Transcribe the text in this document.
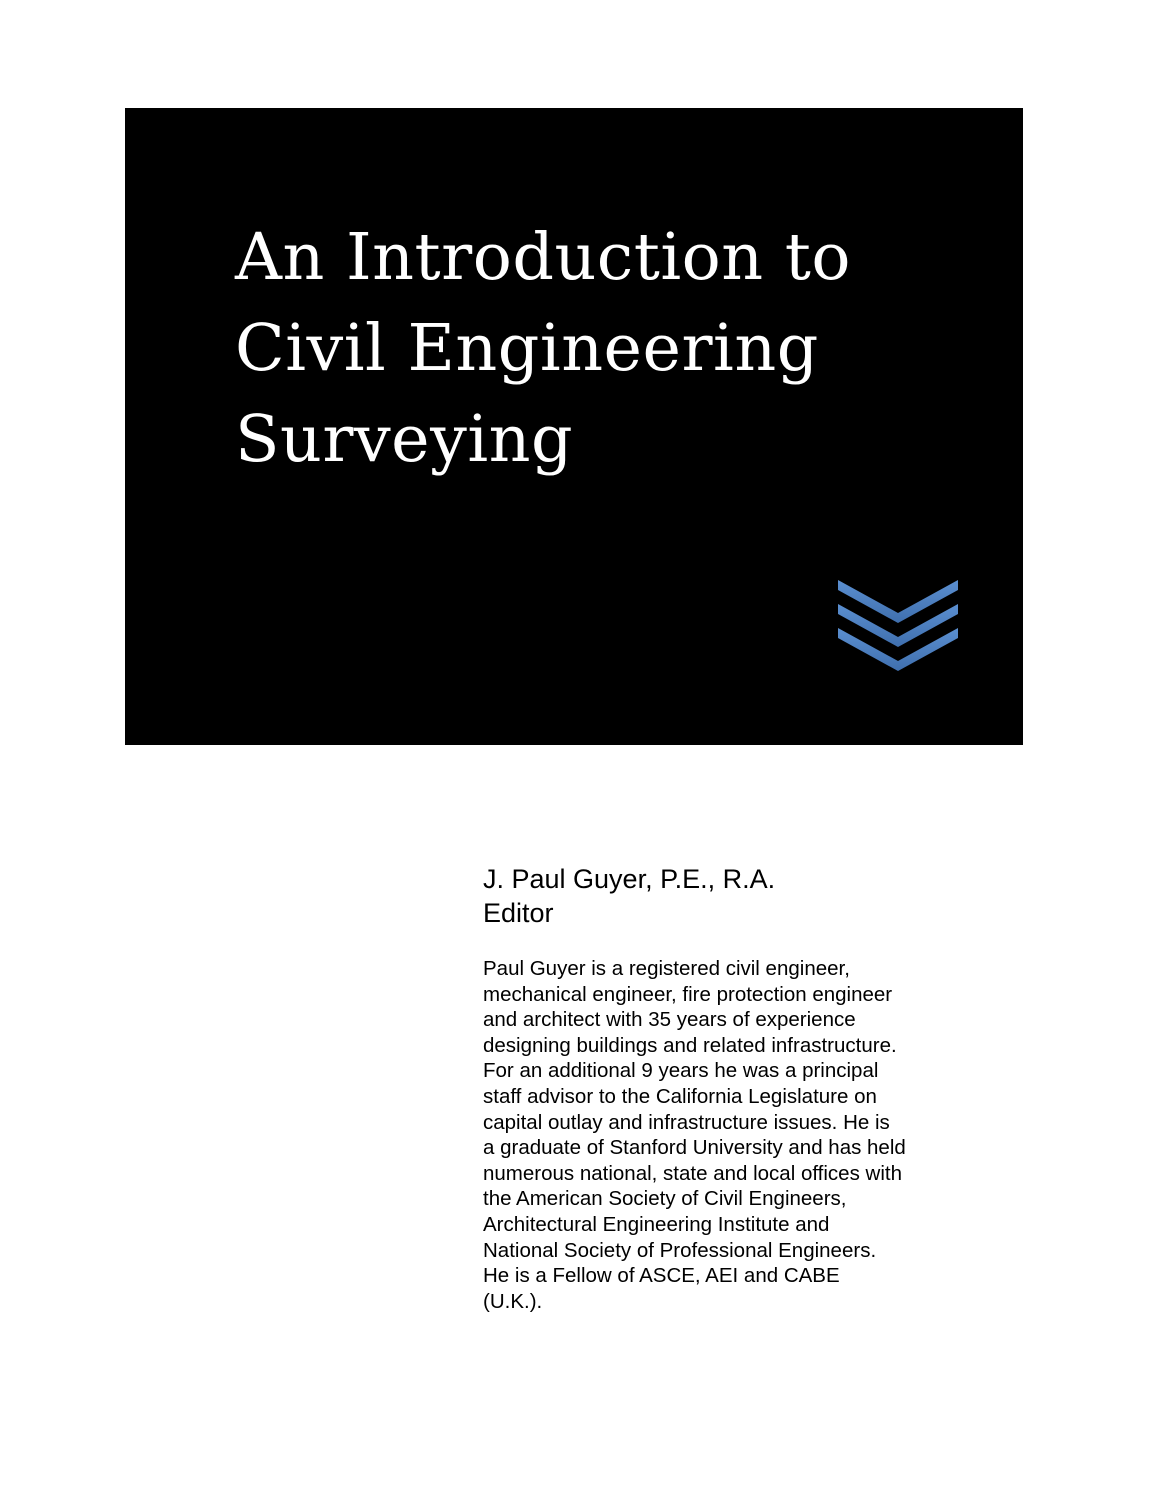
An Introduction to
Civil Engineering
Surveying

J. Paul Guyer, P.E., R.A.

Editor

Paul Guyer is a registered civil engineer,
mechanical engineer, fire protection engineer
and architect with 35 years of experience
designing buildings and related infrastructure.
For an additional 9 years he was a principal
staff advisor to the California Legislature on
capital outlay and infrastructure issues. He is
a graduate of Stanford University and has held
numerous national, state and local offices with
the American Society of Civil Engineers,
Architectural Engineering Institute and
National Society of Professional Engineers.
He is a Fellow of ASCE, AEI and CABE
(U.K.).
